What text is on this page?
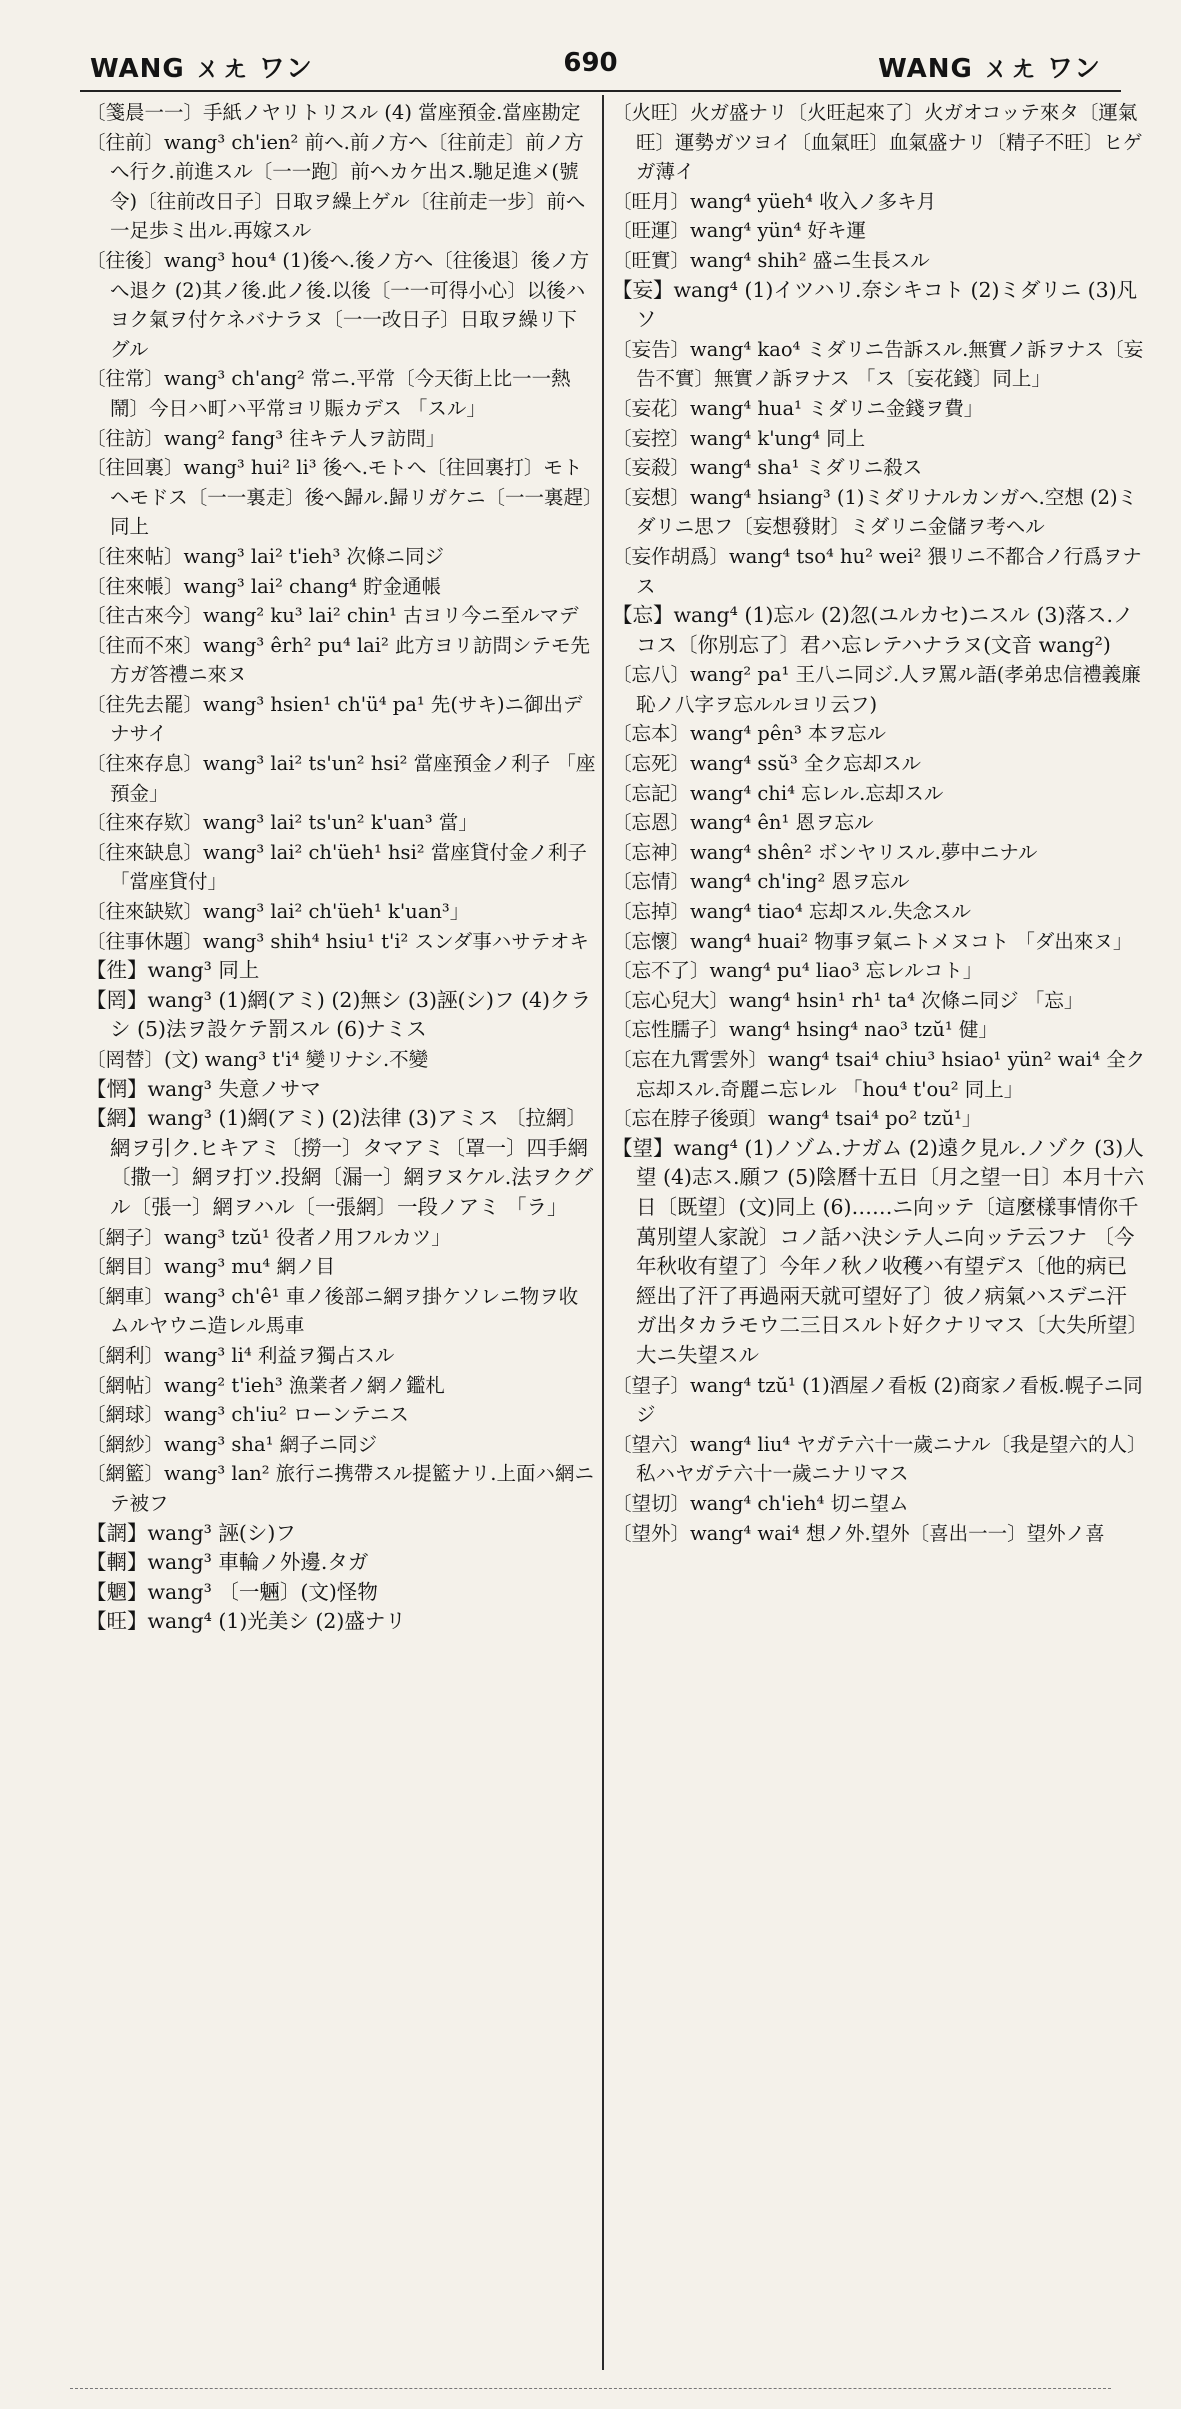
WANG ㄨㄤ ワン	690	WANG ㄨㄤ ワン
〔箋晨一一〕手紙ノヤリトリスル (4) 當座預金.當座勘定
〔往前〕wang³ ch'ien² 前へ.前ノ方へ〔往前走〕前ノ方へ行ク.前進スル〔一一跑〕前ヘカケ出ス.馳足進メ(號令)〔往前改日子〕日取ヲ繰上ゲル〔往前走一步〕前へ一足歩ミ出ル.再嫁スル
〔往後〕wang³ hou⁴ (1)後へ.後ノ方へ〔往後退〕後ノ方へ退ク (2)其ノ後.此ノ後.以後〔一一可得小心〕以後ハヨク氣ヲ付ケネバナラヌ〔一一改日子〕日取ヲ繰リ下グル
〔往常〕wang³ ch'ang² 常ニ.平常〔今天街上比一一熱鬧〕今日ハ町ハ平常ヨリ賑カデス 「スル」
〔往訪〕wang² fang³ 往キテ人ヲ訪問」
〔往回裏〕wang³ hui² li³ 後へ.モトへ〔往回裏打〕モトヘモドス〔一一裏走〕後へ歸ル.歸リガケニ〔一一裏趕〕同上
〔往來帖〕wang³ lai² t'ieh³ 次條ニ同ジ
〔往來帳〕wang³ lai² chang⁴ 貯金通帳
〔往古來今〕wang² ku³ lai² chin¹ 古ヨリ今ニ至ルマデ
〔往而不來〕wang³ êrh² pu⁴ lai² 此方ヨリ訪問シテモ先方ガ答禮ニ來ヌ
〔往先去罷〕wang³ hsien¹ ch'ü⁴ pa¹ 先(サキ)ニ御出デナサイ
〔往來存息〕wang³ lai² ts'un² hsi² 當座預金ノ利子 「座預金」
〔往來存欵〕wang³ lai² ts'un² k'uan³ 當」
〔往來缺息〕wang³ lai² ch'üeh¹ hsi² 當座貸付金ノ利子 「當座貸付」
〔往來缺欵〕wang³ lai² ch'üeh¹ k'uan³」
〔往事休題〕wang³ shih⁴ hsiu¹ t'i² スンダ事ハサテオキ
【徃】wang³ 同上
【罔】wang³ (1)網(アミ) (2)無シ (3)誣(シ)フ (4)クラシ (5)法ヲ設ケテ罰スル (6)ナミス
〔罔替〕(文) wang³ t'i⁴ 變リナシ.不變
【惘】wang³ 失意ノサマ
【網】wang³ (1)網(アミ) (2)法律 (3)アミス 〔拉網〕網ヲ引ク.ヒキアミ〔撈一〕タマアミ〔罩一〕四手網〔撒一〕網ヲ打ツ.投網〔漏一〕網ヲヌケル.法ヲクグル〔張一〕網ヲハル〔一張網〕一段ノアミ 「ラ」
〔網子〕wang³ tzŭ¹ 役者ノ用フルカツ」
〔網目〕wang³ mu⁴ 網ノ目
〔網車〕wang³ ch'ê¹ 車ノ後部ニ網ヲ掛ケソレニ物ヲ收ムルヤウニ造レル馬車
〔網利〕wang³ li⁴ 利益ヲ獨占スル
〔網帖〕wang² t'ieh³ 漁業者ノ網ノ鑑札
〔網球〕wang³ ch'iu² ローンテニス
〔網紗〕wang³ sha¹ 網子ニ同ジ
〔網籃〕wang³ lan² 旅行ニ携帶スル提籃ナリ.上面ハ網ニテ被フ
【誷】wang³ 誣(シ)フ
【輞】wang³ 車輪ノ外邊.タガ
【魍】wang³ 〔一魎〕(文)怪物
【旺】wang⁴ (1)光美シ (2)盛ナリ
〔火旺〕火ガ盛ナリ〔火旺起來了〕火ガオコッテ來タ〔運氣旺〕運勢ガツヨイ〔血氣旺〕血氣盛ナリ〔精子不旺〕ヒゲガ薄イ
〔旺月〕wang⁴ yüeh⁴ 收入ノ多キ月
〔旺運〕wang⁴ yün⁴ 好キ運
〔旺實〕wang⁴ shih² 盛ニ生長スル
【妄】wang⁴ (1)イツハリ.奈シキコト (2)ミダリニ (3)凡ソ
〔妄告〕wang⁴ kao⁴ ミダリニ告訴スル.無實ノ訴ヲナス〔妄告不實〕無實ノ訴ヲナス 「ス〔妄花錢〕同上」
〔妄花〕wang⁴ hua¹ ミダリニ金錢ヲ費」
〔妄控〕wang⁴ k'ung⁴ 同上
〔妄殺〕wang⁴ sha¹ ミダリニ殺ス
〔妄想〕wang⁴ hsiang³ (1)ミダリナルカンガへ.空想 (2)ミダリニ思フ〔妄想發財〕ミダリニ金儲ヲ考ヘル
〔妄作胡爲〕wang⁴ tso⁴ hu² wei² 猥リニ不都合ノ行爲ヲナス
【忘】wang⁴ (1)忘ル (2)忽(ユルカセ)ニスル (3)落ス.ノコス〔你別忘了〕君ハ忘レテハナラヌ(文音 wang²)
〔忘八〕wang² pa¹ 王八ニ同ジ.人ヲ罵ル語(孝弟忠信禮義廉恥ノ八字ヲ忘ルルヨリ云フ)
〔忘本〕wang⁴ pên³ 本ヲ忘ル
〔忘死〕wang⁴ ssŭ³ 全ク忘却スル
〔忘記〕wang⁴ chi⁴ 忘レル.忘却スル
〔忘恩〕wang⁴ ên¹ 恩ヲ忘ル
〔忘神〕wang⁴ shên² ボンヤリスル.夢中ニナル
〔忘情〕wang⁴ ch'ing² 恩ヲ忘ル
〔忘掉〕wang⁴ tiao⁴ 忘却スル.失念スル
〔忘懷〕wang⁴ huai² 物事ヲ氣ニトメヌコト 「ダ出來ヌ」
〔忘不了〕wang⁴ pu⁴ liao³ 忘レルコト」
〔忘心兒大〕wang⁴ hsin¹ rh¹ ta⁴ 次條ニ同ジ 「忘」
〔忘性臑子〕wang⁴ hsing⁴ nao³ tzŭ¹ 健」
〔忘在九霄雲外〕wang⁴ tsai⁴ chiu³ hsiao¹ yün² wai⁴ 全ク忘却スル.奇麗ニ忘レル 「hou⁴ t'ou² 同上」
〔忘在脖子後頭〕wang⁴ tsai⁴ po² tzŭ¹」
【望】wang⁴ (1)ノゾム.ナガム (2)遠ク見ル.ノゾク (3)人望 (4)志ス.願フ (5)陰曆十五日〔月之望一日〕本月十六日〔既望〕(文)同上 (6)……ニ向ッテ〔這麼樣事情你千萬別望人家說〕コノ話ハ決シテ人ニ向ッテ云フナ 〔今年秋收有望了〕今年ノ秋ノ收穫ハ有望デス〔他的病已經出了汗了再過兩天就可望好了〕彼ノ病氣ハスデニ汗ガ出タカラモウ二三日スルト好クナリマス〔大失所望〕大ニ失望スル
〔望子〕wang⁴ tzŭ¹ (1)酒屋ノ看板 (2)商家ノ看板.幌子ニ同ジ
〔望六〕wang⁴ liu⁴ ヤガテ六十一歲ニナル〔我是望六的人〕私ハヤガテ六十一歲ニナリマス
〔望切〕wang⁴ ch'ieh⁴ 切ニ望ム
〔望外〕wang⁴ wai⁴ 想ノ外.望外〔喜出一一〕望外ノ喜
